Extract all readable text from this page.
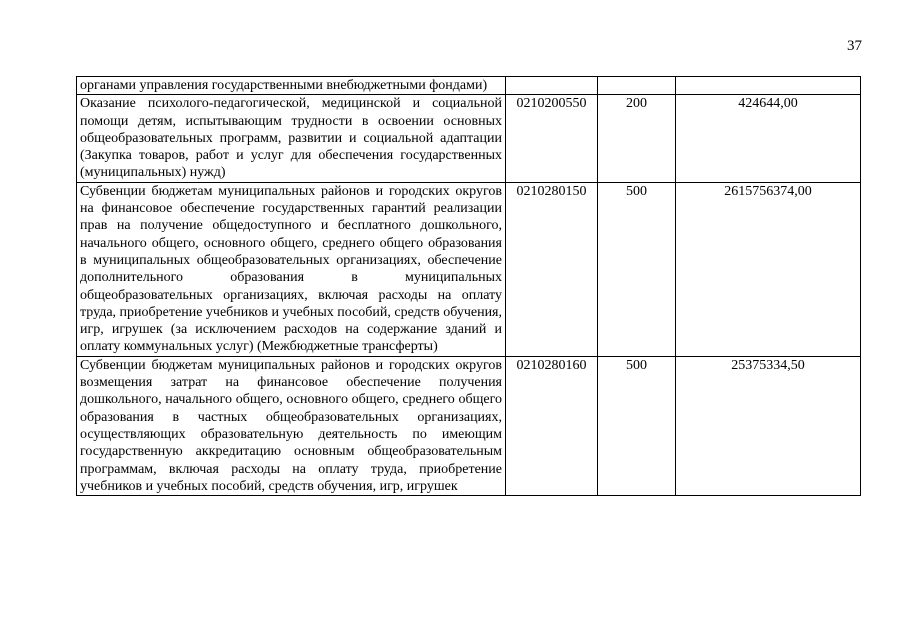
37
органами управления государственными внебюджетными фондами)			
Оказание психолого-педагогической, медицинской и социальной помощи детям, испытывающим трудности в освоении основных общеобразовательных программ, развитии и социальной адаптации (Закупка товаров, работ и услуг для обеспечения государственных (муниципальных) нужд)	0210200550	200	424644,00
Субвенции бюджетам муниципальных районов и городских округов на финансовое обеспечение государственных гарантий реализации прав на получение общедоступного и бесплатного дошкольного, начального общего, основного общего, среднего общего образования в муниципальных общеобразовательных организациях, обеспечение дополнительного образования в муниципальных общеобразовательных организациях, включая расходы на оплату труда, приобретение учебников и учебных пособий, средств обучения, игр, игрушек (за исключением расходов на содержание зданий и оплату коммунальных услуг) (Межбюджетные трансферты)	0210280150	500	2615756374,00
Субвенции бюджетам муниципальных районов и городских округов возмещения затрат на финансовое обеспечение получения дошкольного, начального общего, основного общего, среднего общего образования в частных общеобразовательных организациях, осуществляющих образовательную деятельность по имеющим государственную аккредитацию основным общеобразовательным программам, включая расходы на оплату труда, приобретение учебников и учебных пособий, средств обучения, игр, игрушек	0210280160	500	25375334,50
